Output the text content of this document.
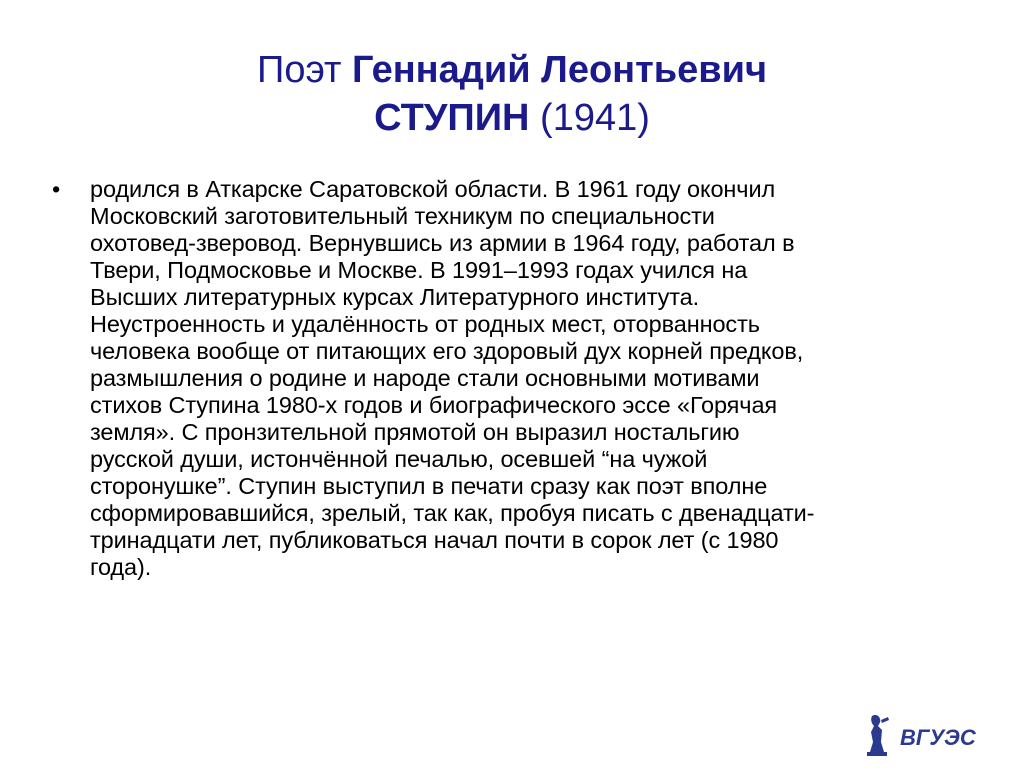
Поэт Геннадий Леонтьевич
СТУПИН (1941)
• родился в Аткарске Саратовской области. В 1961 году окончил
Московский заготовительный техникум по специальности
охотовед-зверовод. Вернувшись из армии в 1964 году, работал в
Твери, Подмосковье и Москве. В 1991–1993 годах учился на
Высших литературных курсах Литературного института.
Неустроенность и удалённость от родных мест, оторванность
человека вообще от питающих его здоровый дух корней предков,
размышления о родине и народе стали основными мотивами
стихов Ступина 1980-х годов и биографического эссе «Горячая
земля». С пронзительной прямотой он выразил ностальгию
русской души, истончённой печалью, осевшей “на чужой
сторонушке”. Ступин выступил в печати сразу как поэт вполне
сформировавшийся, зрелый, так как, пробуя писать с двенадцати-
тринадцати лет, публиковаться начал почти в сорок лет (с 1980
года).
ВГУЭС
